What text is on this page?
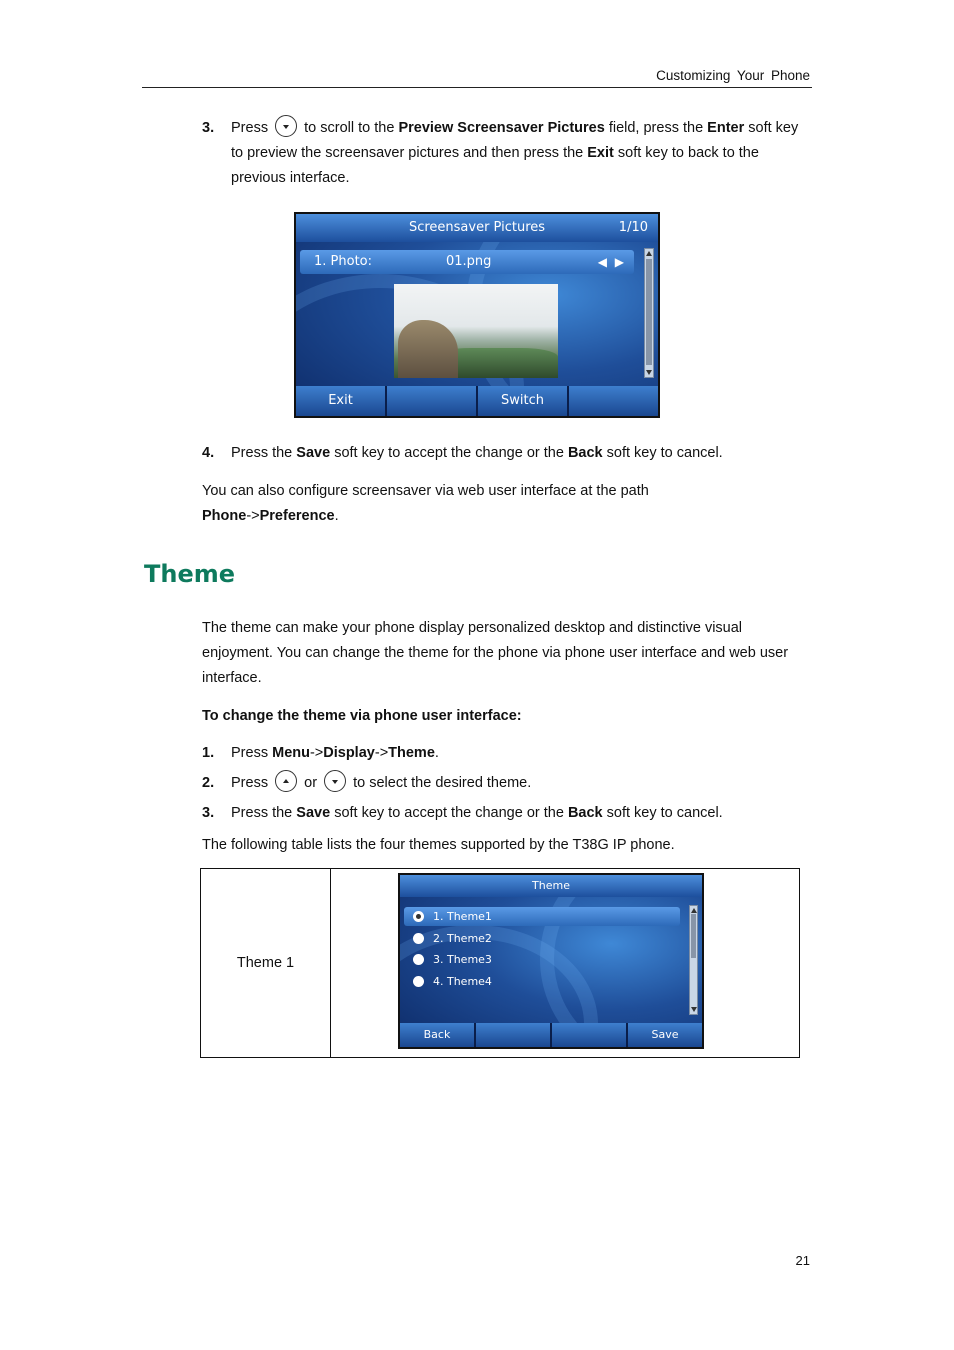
Customizing Your Phone
3. Press to scroll to the Preview Screensaver Pictures field, press the Enter soft key to preview the screensaver pictures and then press the Exit soft key to back to the previous interface.
Screensaver Pictures	1/10
1. Photo:	01.png	◀ ▶
Exit	Switch
4. Press the Save soft key to accept the change or the Back soft key to cancel.
You can also configure screensaver via web user interface at the path
Phone->Preference.
Theme
The theme can make your phone display personalized desktop and distinctive visual enjoyment. You can change the theme for the phone via phone user interface and web user interface.
To change the theme via phone user interface:
1. Press Menu->Display->Theme.
2. Press or to select the desired theme.
3. Press the Save soft key to accept the change or the Back soft key to cancel.
The following table lists the four themes supported by the T38G IP phone.
Theme 1
Theme
1. Theme1
2. Theme2
3. Theme3
4. Theme4
Back	Save
21
